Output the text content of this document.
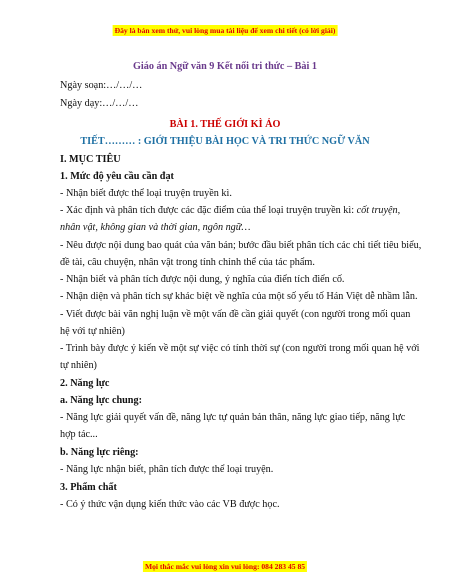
Đây là bản xem thử, vui lòng mua tài liệu để xem chi tiết (có lời giải)
Giáo án Ngữ văn 9 Kết nối tri thức – Bài 1
Ngày soạn:…/…/…
Ngày dạy:…/…/…
BÀI 1. THẾ GIỚI KÌ ẢO
TIẾT……… : GIỚI THIỆU BÀI HỌC VÀ TRI THỨC NGỮ VĂN
I. MỤC TIÊU
1. Mức độ yêu cầu cần đạt
- Nhận biết được thể loại truyện truyền kì.
- Xác định và phân tích được các đặc điểm của thể loại truyện truyền kì: cốt truyện,
nhân vật, không gian và thời gian, ngôn ngữ…
- Nêu được nội dung bao quát của văn bản; bước đầu biết phân tích các chi tiết tiêu biểu,
đề tài, câu chuyện, nhân vật trong tính chỉnh thể của tác phẩm.
- Nhận biết và phân tích được nội dung, ý nghĩa của điển tích điển cố.
- Nhận diện và phân tích sự khác biệt về nghĩa của một số yếu tố Hán Việt dễ nhầm lẫn.
- Viết được bài văn nghị luận về một vấn đề cần giải quyết (con người trong mối quan
hệ với tự nhiên)
- Trình bày được ý kiến về một sự việc có tính thời sự (con người trong mối quan hệ với
tự nhiên)
2. Năng lực
a. Năng lực chung:
- Năng lực giải quyết vấn đề, năng lực tự quản bản thân, năng lực giao tiếp, năng lực
hợp tác...
b. Năng lực riêng:
- Năng lực nhận biết, phân tích được thể loại truyện.
3. Phẩm chất
- Có ý thức vận dụng kiến thức vào các VB được học.
Mọi thắc mắc vui lòng xin vui lòng: 084 283 45 85
